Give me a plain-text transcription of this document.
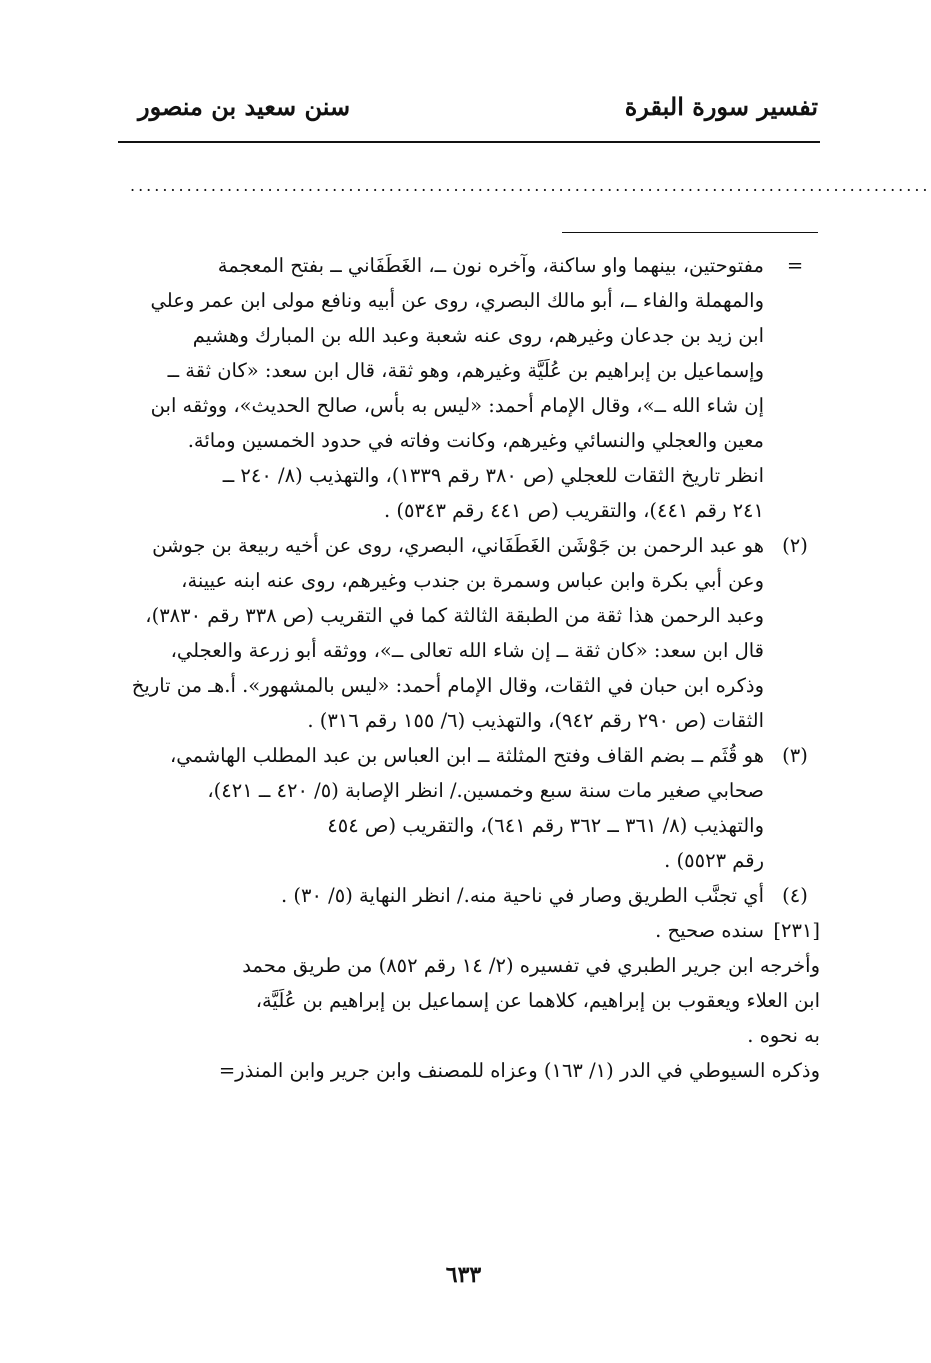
تفسير سورة البقرة
سنن سعيد بن منصور
...................................................................................................
=
مفتوحتين، بينهما واو ساكنة، وآخره نون ــ، الغَطَفَاني ــ بفتح المعجمة
والمهملة والفاء ــ، أبو مالك البصري، روى عن أبيه ونافع مولى ابن عمر وعلي
ابن زيد بن جدعان وغيرهم، روى عنه شعبة وعبد الله بن المبارك وهشيم
وإسماعيل بن إبراهيم بن عُلَيَّة وغيرهم، وهو ثقة، قال ابن سعد: «كان ثقة ــ
إن شاء الله ــ»، وقال الإمام أحمد: «ليس به بأس، صالح الحديث»، ووثقه ابن
معين والعجلي والنسائي وغيرهم، وكانت وفاته في حدود الخمسين ومائة.
انظر تاريخ الثقات للعجلي (ص ٣٨٠ رقم ١٣٣٩)، والتهذيب (٨/ ٢٤٠ ــ
٢٤١ رقم ٤٤١)، والتقريب (ص ٤٤١ رقم ٥٣٤٣) .
(٢)
هو عبد الرحمن بن جَوْشَن الغَطَفَاني، البصري، روى عن أخيه ربيعة بن جوشن
وعن أبي بكرة وابن عباس وسمرة بن جندب وغيرهم، روى عنه ابنه عيينة،
وعبد الرحمن هذا ثقة من الطبقة الثالثة كما في التقريب (ص ٣٣٨ رقم ٣٨٣٠)،
قال ابن سعد: «كان ثقة ــ إن شاء الله تعالى ــ»، ووثقه أبو زرعة والعجلي،
وذكره ابن حبان في الثقات، وقال الإمام أحمد: «ليس بالمشهور». أ.هـ من تاريخ
الثقات (ص ٢٩٠ رقم ٩٤٢)، والتهذيب (٦/ ١٥٥ رقم ٣١٦) .
(٣)
هو قُثَم ــ بضم القاف وفتح المثلثة ــ ابن العباس بن عبد المطلب الهاشمي،
صحابي صغير مات سنة سبع وخمسين./ انظر الإصابة (٥/ ٤٢٠ ــ ٤٢١)،
والتهذيب (٨/ ٣٦١ ــ ٣٦٢ رقم ٦٤١)، والتقريب (ص ٤٥٤
رقم ٥٥٢٣) .
(٤)
أي تجنَّب الطريق وصار في ناحية منه./ انظر النهاية (٥/ ٣٠) .
[٢٣١]
سنده صحيح .
وأخرجه ابن جرير الطبري في تفسيره (٢/ ١٤ رقم ٨٥٢) من طريق محمد
ابن العلاء ويعقوب بن إبراهيم، كلاهما عن إسماعيل بن إبراهيم بن عُلَيَّة،
به نحوه .
وذكره السيوطي في الدر (١/ ١٦٣) وعزاه للمصنف وابن جرير وابن المنذر=
٦٣٣
